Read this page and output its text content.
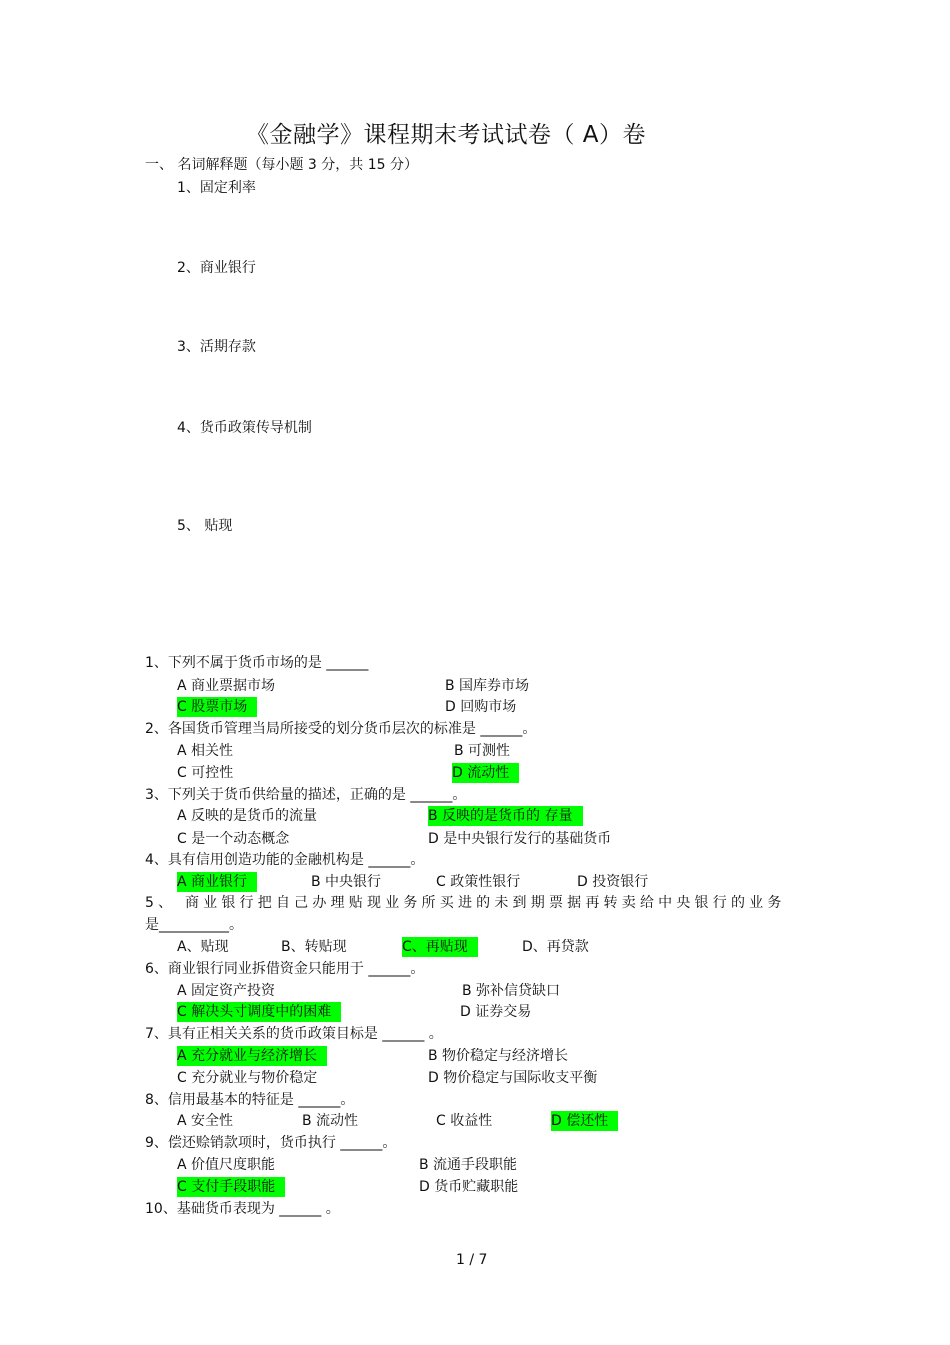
《金融学》课程期末考试试卷（ A）卷
一、 名词解释题（每小题 3 分，共 15 分）
1、固定利率
2、商业银行
3、活期存款
4、货币政策传导机制
5、 贴现
1、下列不属于货币市场的是 ______
A 商业票据市场	B 国库券市场
C 股票市场	D 回购市场
2、各国货币管理当局所接受的划分货币层次的标准是 ______。
A 相关性	B 可测性
C 可控性	D 流动性
3、下列关于货币供给量的描述，正确的是 ______。
A 反映的是货币的流量	B 反映的是货币的 存量
C 是一个动态概念	D 是中央银行发行的基础货币
4、具有信用创造功能的金融机构是 ______。
A 商业银行	B 中央银行	C 政策性银行	D 投资银行
5、 商业银行把自己办理贴现业务所买进的未到期票据再转卖给中央银行的业务
是__________。
A、贴现	B、转贴现	C、再贴现	D、再贷款
6、商业银行同业拆借资金只能用于 ______。
A 固定资产投资	B 弥补信贷缺口
C 解决头寸调度中的困难	D 证券交易
7、具有正相关关系的货币政策目标是 ______ 。
A 充分就业与经济增长	B 物价稳定与经济增长
C 充分就业与物价稳定	D 物价稳定与国际收支平衡
8、信用最基本的特征是 ______。
A 安全性	B 流动性	C 收益性	D 偿还性
9、偿还赊销款项时，货币执行 ______。
A 价值尺度职能	B 流通手段职能
C 支付手段职能	D 货币贮藏职能
10、基础货币表现为 ______ 。
1 / 7
